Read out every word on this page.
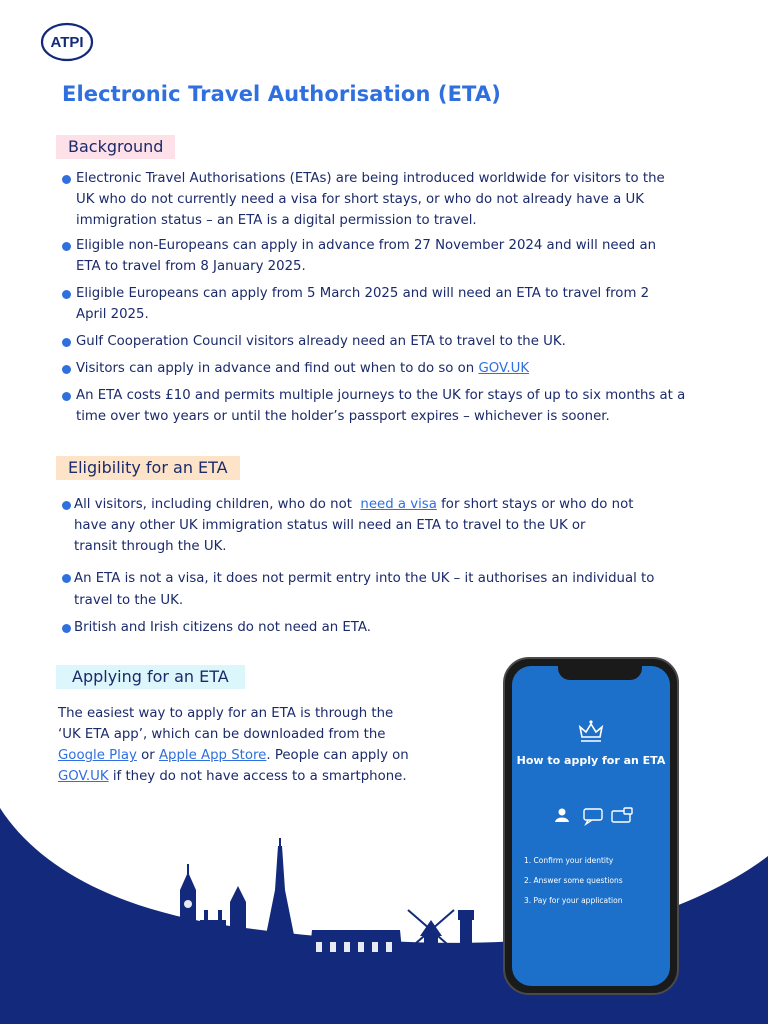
ATPI
Electronic Travel Authorisation (ETA)
Background
Electronic Travel Authorisations (ETAs) are being introduced worldwide for visitors to the
UK who do not currently need a visa for short stays, or who do not already have a UK
immigration status – an ETA is a digital permission to travel.
Eligible non-Europeans can apply in advance from 27 November 2024 and will need an
ETA to travel from 8 January 2025.
Eligible Europeans can apply from 5 March 2025 and will need an ETA to travel from 2
April 2025.
Gulf Cooperation Council visitors already need an ETA to travel to the UK.
Visitors can apply in advance and find out when to do so on GOV.UK
An ETA costs £10 and permits multiple journeys to the UK for stays of up to six months at a
time over two years or until the holder’s passport expires – whichever is sooner.
Eligibility for an ETA
All visitors, including children, who do not need a visa for short stays or who do not
have any other UK immigration status will need an ETA to travel to the UK or
transit through the UK.
An ETA is not a visa, it does not permit entry into the UK – it authorises an individual to
travel to the UK.
British and Irish citizens do not need an ETA.
Applying for an ETA
The easiest way to apply for an ETA is through the
‘UK ETA app’, which can be downloaded from the
Google Play or Apple App Store. People can apply on
GOV.UK if they do not have access to a smartphone.
How to apply for an ETA
1. Confirm your identity
2. Answer some questions
3. Pay for your application
